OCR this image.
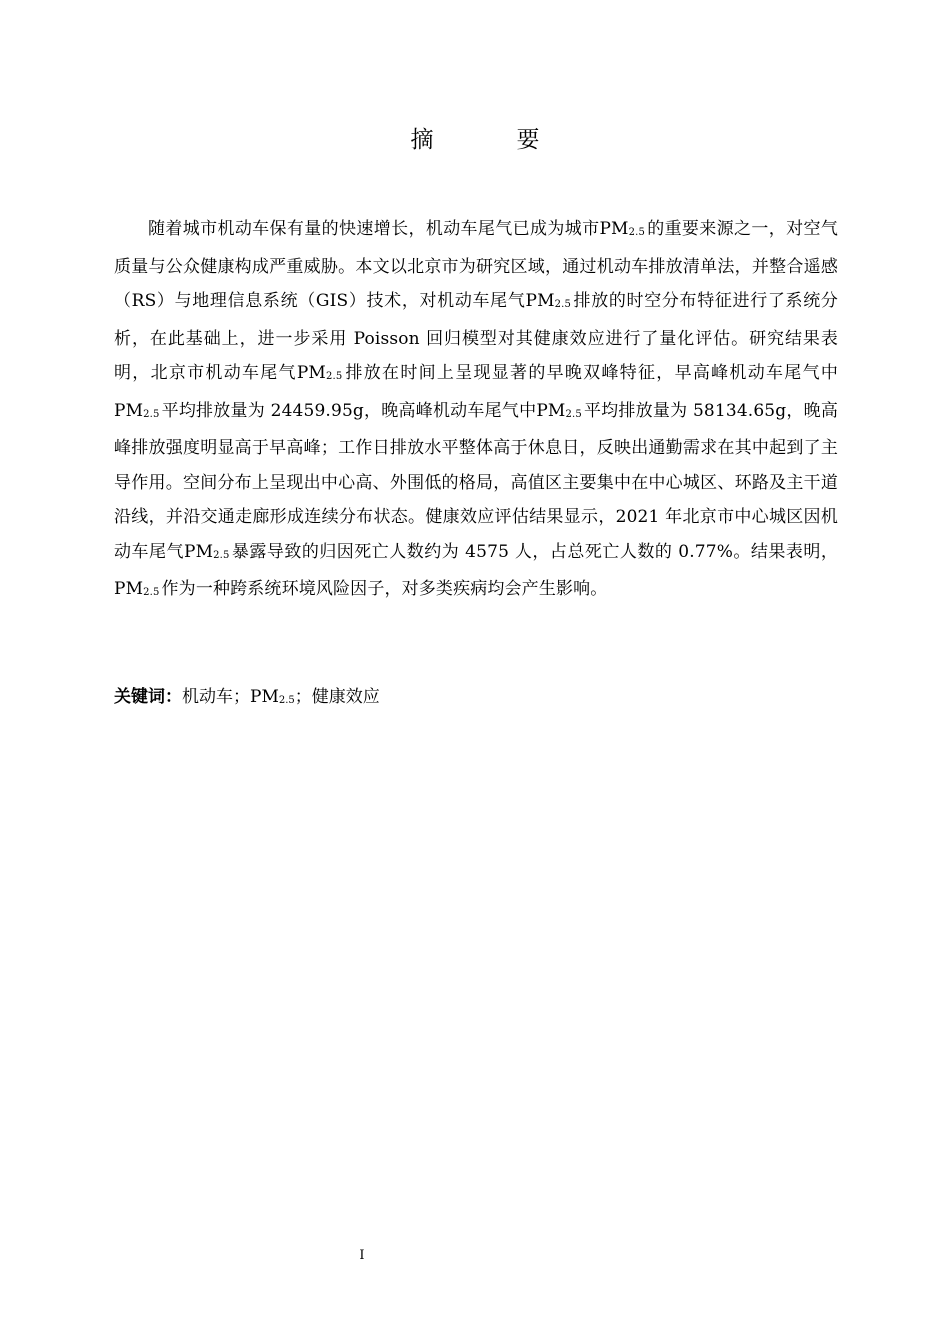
摘　要

随着城市机动车保有量的快速增长，机动车尾气已成为城市$PM_{2.5}$ 的重要来源之一，对空气质量与公众健康构成严重威胁。本文以北京市为研究区域，通过机动车排放清单法，并整合遥感（RS）与地理信息系统（GIS）技术，对机动车尾气$PM_{2.5}$ 排放的时空分布特征进行了系统分析，在此基础上，进一步采用 Poisson 回归模型对其健康效应进行了量化评估。研究结果表明，北京市机动车尾气$PM_{2.5}$ 排放在时间上呈现显著的早晚双峰特征，早高峰机动车尾气中$PM_{2.5}$ 平均排放量为 24459.95g，晚高峰机动车尾气中$PM_{2.5}$ 平均排放量为 58134.65g，晚高峰排放强度明显高于早高峰；工作日排放水平整体高于休息日，反映出通勤需求在其中起到了主导作用。空间分布上呈现出中心高、外围低的格局，高值区主要集中在中心城区、环路及主干道沿线，并沿交通走廊形成连续分布状态。健康效应评估结果显示，2021 年北京市中心城区因机动车尾气$PM_{2.5}$ 暴露导致的归因死亡人数约为 4575 人，占总死亡人数的 0.77%。结果表明，$PM_{2.5}$ 作为一种跨系统环境风险因子，对多类疾病均会产生影响。

关键词：机动车；$PM_{2.5}$；健康效应

I
